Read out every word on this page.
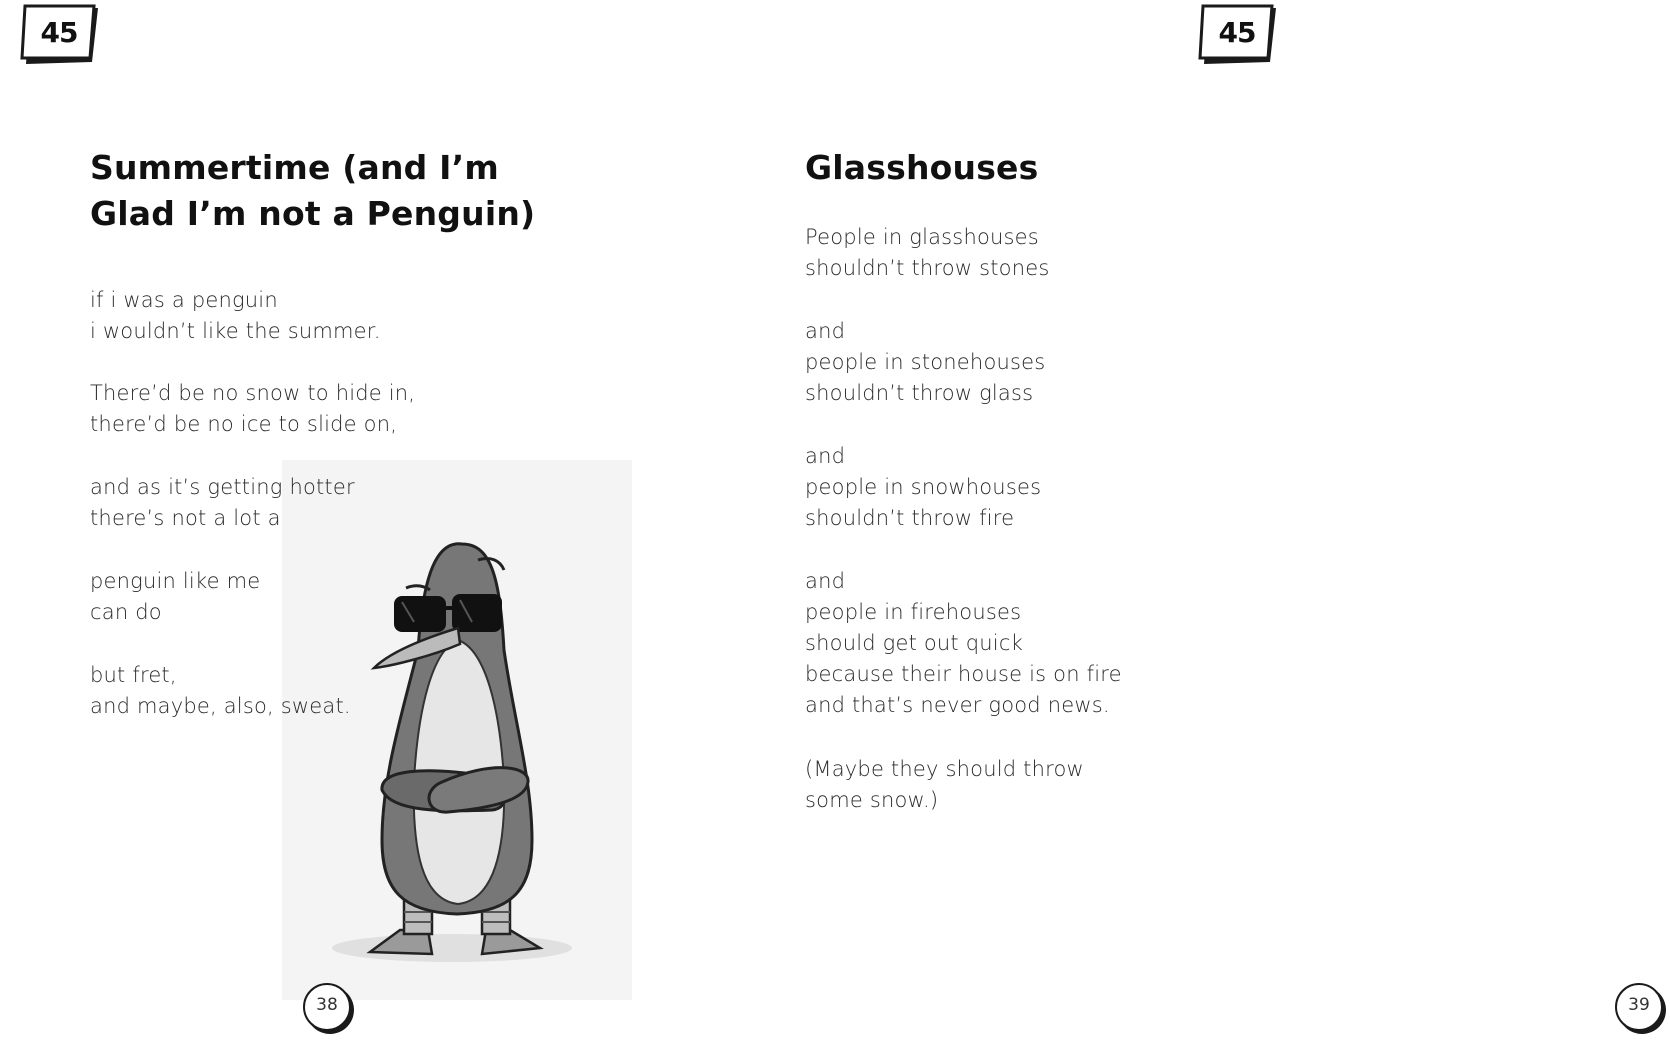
45	45
Summertime (and I’m
Glad I’m not a Penguin)
if i was a penguin
i wouldn’t like the summer.
There’d be no snow to hide in,
there’d be no ice to slide on,
and as it’s getting hotter
there’s not a lot a
penguin like me
can do
but fret,
and maybe, also, sweat.
38
Glasshouses
People in glasshouses
shouldn’t throw stones
and
people in stonehouses
shouldn’t throw glass
and
people in snowhouses
shouldn’t throw fire
and
people in firehouses
should get out quick
because their house is on fire
and that’s never good news.
(Maybe they should throw
some snow.)
39
